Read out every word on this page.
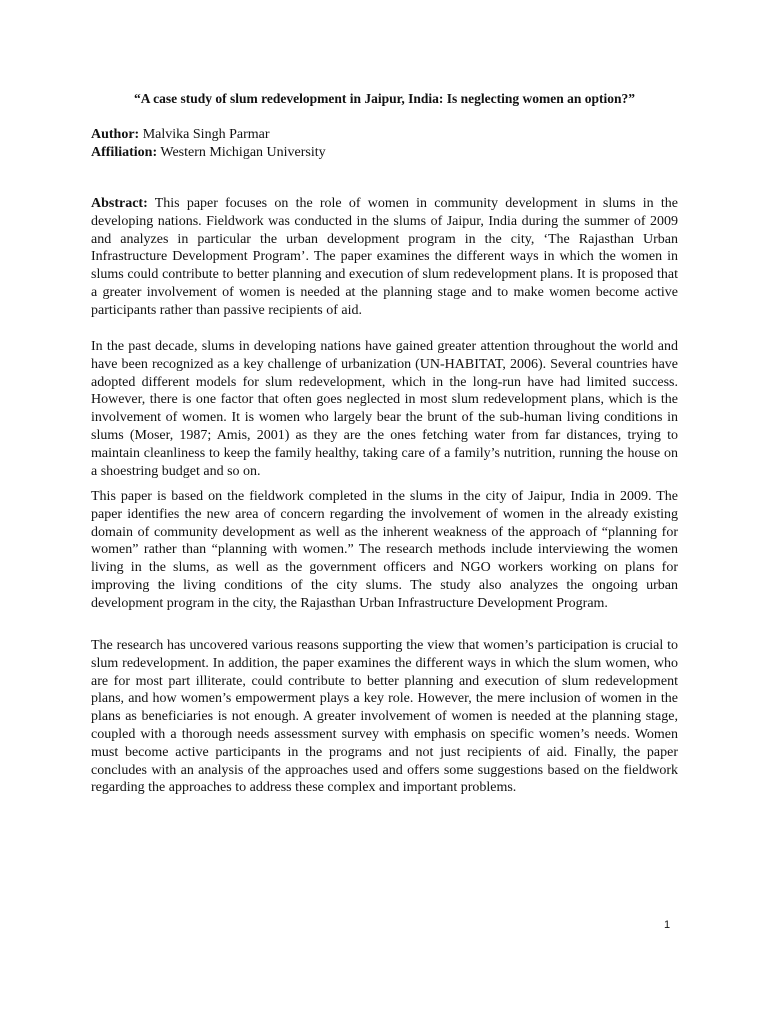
“A case study of slum redevelopment in Jaipur, India: Is neglecting women an option?”
Author: Malvika Singh Parmar
Affiliation: Western Michigan University

Abstract: This paper focuses on the role of women in community development in slums in the developing nations. Fieldwork was conducted in the slums of Jaipur, India during the summer of 2009 and analyzes in particular the urban development program in the city, ‘The Rajasthan Urban Infrastructure Development Program’. The paper examines the different ways in which the women in slums could contribute to better planning and execution of slum redevelopment plans. It is proposed that a greater involvement of women is needed at the planning stage and to make women become active participants rather than passive recipients of aid.

In the past decade, slums in developing nations have gained greater attention throughout the world and have been recognized as a key challenge of urbanization (UN-HABITAT, 2006). Several countries have adopted different models for slum redevelopment, which in the long-run have had limited success. However, there is one factor that often goes neglected in most slum redevelopment plans, which is the involvement of women. It is women who largely bear the brunt of the sub-human living conditions in slums (Moser, 1987; Amis, 2001) as they are the ones fetching water from far distances, trying to maintain cleanliness to keep the family healthy, taking care of a family’s nutrition, running the house on a shoestring budget and so on.

This paper is based on the fieldwork completed in the slums in the city of Jaipur, India in 2009. The paper identifies the new area of concern regarding the involvement of women in the already existing domain of community development as well as the inherent weakness of the approach of “planning for women” rather than “planning with women.” The research methods include interviewing the women living in the slums, as well as the government officers and NGO workers working on plans for improving the living conditions of the city slums. The study also analyzes the ongoing urban development program in the city, the Rajasthan Urban Infrastructure Development Program.

The research has uncovered various reasons supporting the view that women’s participation is crucial to slum redevelopment. In addition, the paper examines the different ways in which the slum women, who are for most part illiterate, could contribute to better planning and execution of slum redevelopment plans, and how women’s empowerment plays a key role. However, the mere inclusion of women in the plans as beneficiaries is not enough. A greater involvement of women is needed at the planning stage, coupled with a thorough needs assessment survey with emphasis on specific women’s needs. Women must become active participants in the programs and not just recipients of aid. Finally, the paper concludes with an analysis of the approaches used and offers some suggestions based on the fieldwork regarding the approaches to address these complex and important problems.

1
